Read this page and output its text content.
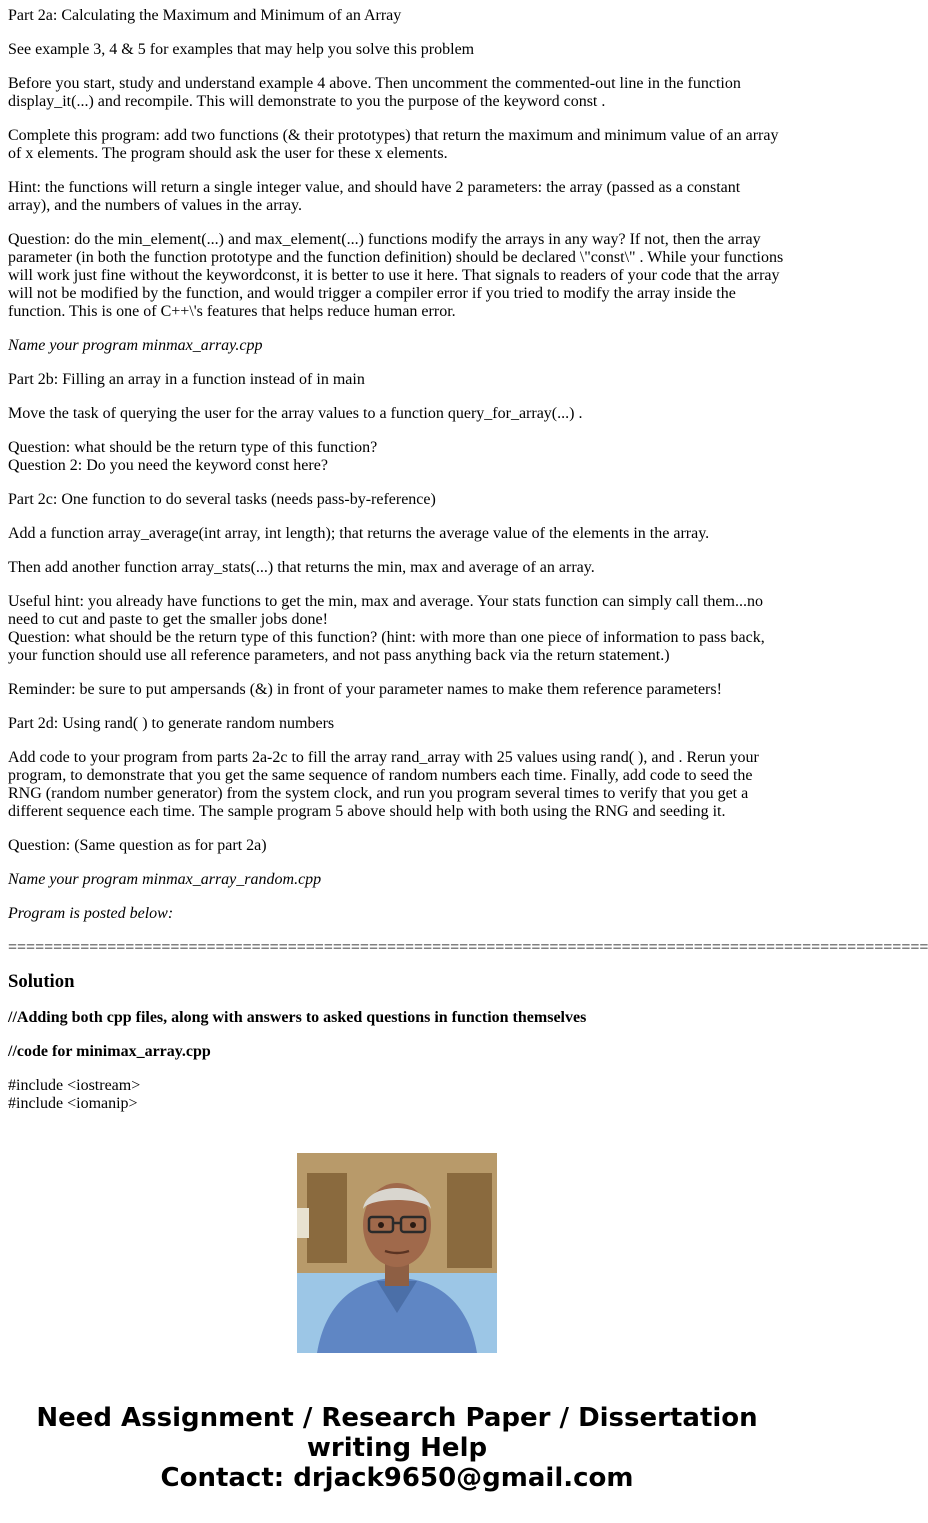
Part 2a: Calculating the Maximum and Minimum of an Array

See example 3, 4 & 5 for examples that may help you solve this problem

Before you start, study and understand example 4 above. Then uncomment the commented-out line in the function display_it(...) and recompile. This will demonstrate to you the purpose of the keyword const .

Complete this program: add two functions (& their prototypes) that return the maximum and minimum value of an array of x elements. The program should ask the user for these x elements.

Hint: the functions will return a single integer value, and should have 2 parameters: the array (passed as a constant array), and the numbers of values in the array.

Question: do the min_element(...) and max_element(...) functions modify the arrays in any way? If not, then the array parameter (in both the function prototype and the function definition) should be declared \"const\" . While your functions will work just fine without the keywordconst, it is better to use it here. That signals to readers of your code that the array will not be modified by the function, and would trigger a compiler error if you tried to modify the array inside the function. This is one of C++\'s features that helps reduce human error.

Name your program minmax_array.cpp

Part 2b: Filling an array in a function instead of in main

Move the task of querying the user for the array values to a function query_for_array(...) .

Question: what should be the return type of this function?
Question 2: Do you need the keyword const here?

Part 2c: One function to do several tasks (needs pass-by-reference)

Add a function array_average(int array, int length); that returns the average value of the elements in the array.

Then add another function array_stats(...) that returns the min, max and average of an array.

Useful hint: you already have functions to get the min, max and average. Your stats function can simply call them...no need to cut and paste to get the smaller jobs done!
Question: what should be the return type of this function? (hint: with more than one piece of information to pass back, your function should use all reference parameters, and not pass anything back via the return statement.)

Reminder: be sure to put ampersands (&) in front of your parameter names to make them reference parameters!

Part 2d: Using rand( ) to generate random numbers

Add code to your program from parts 2a-2c to fill the array rand_array with 25 values using rand( ), and . Rerun your program, to demonstrate that you get the same sequence of random numbers each time. Finally, add code to seed the RNG (random number generator) from the system clock, and run you program several times to verify that you get a different sequence each time. The sample program 5 above should help with both using the RNG and seeding it.

Question: (Same question as for part 2a)

Name your program minmax_array_random.cpp

Program is posted below:

======================================================================================================
Solution

//Adding both cpp files, along with answers to asked questions in function themselves

//code for minimax_array.cpp

#include <iostream>
#include <iomanip>

Need Assignment / Research Paper / Dissertation
writing Help
Contact: drjack9650@gmail.com
